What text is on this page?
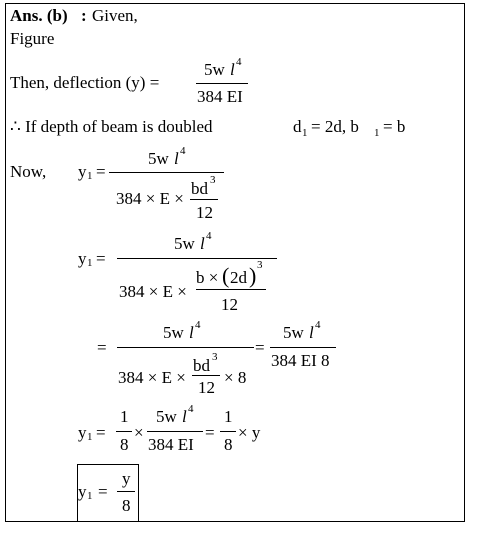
Ans. (b) : Given,
Figure
Then, deflection (y) =
5w l 4
384 EI
∴ If depth of beam is doubled	d 1 = 2d, b 1 = b
Now, y 1 =
5w l 4
384 × E ×
bd 3
12
y 1 =
5w l 4
384 × E ×
b × ( 2d ) 3
12
=
5w l 4
384 × E ×
bd 3
12
× 8
=
5w l 4
384 EI 8
y 1 =
1
8
×
5w l 4
384 EI
=
1
8
× y
y 1 =
y
8
